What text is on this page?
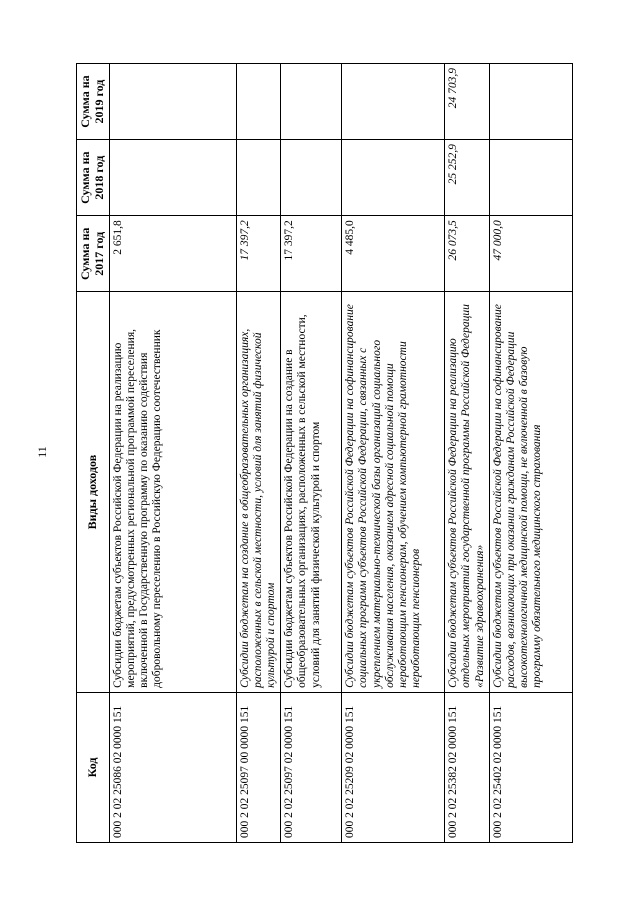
11
Код	Виды доходов	Сумма на 2017 год	Сумма на 2018 год	Сумма на 2019 год
000 2 02 25086 02 0000 151	Субсидии бюджетам субъектов Российской Федерации на реализацию мероприятий, предусмотренных региональной программой переселения, включенной в Государственную программу по оказанию содействия добровольному переселению в Российскую Федерацию соотечественник	2 651,8		
000 2 02 25097 00 0000 151	Субсидии бюджетам на создание в общеобразовательных организациях, расположенных в сельской местности, условий для занятий физической культурой и спортом	17 397,2		
000 2 02 25097 02 0000 151	Субсидии бюджетам субъектов Российской Федерации на создание в общеобразовательных организациях, расположенных в сельской местности, условий для занятий физической культурой и спортом	17 397,2		
000 2 02 25209 02 0000 151	Субсидии бюджетам субъектов Российской Федерации на софинансирование социальных программ субъектов Российской Федерации, связанных с укреплением материально-технической базы организаций социального обслуживания населения, оказанием адресной социальной помощи неработающим пенсионерам, обучением компьютерной грамотности неработающих пенсионеров	4 485,0		
000 2 02 25382 02 0000 151	Субсидии бюджетам субъектов Российской Федерации на реализацию отдельных мероприятий государственной программы Российской Федерации «Развитие здравоохранения»	26 073,5	25 252,9	24 703,9
000 2 02 25402 02 0000 151	Субсидии бюджетам субъектов Российской Федерации на софинансирование расходов, возникающих при оказании гражданам Российской Федерации высокотехнологичной медицинской помощи, не включенной в базовую программу обязательного медицинского страхования	47 000,0		
